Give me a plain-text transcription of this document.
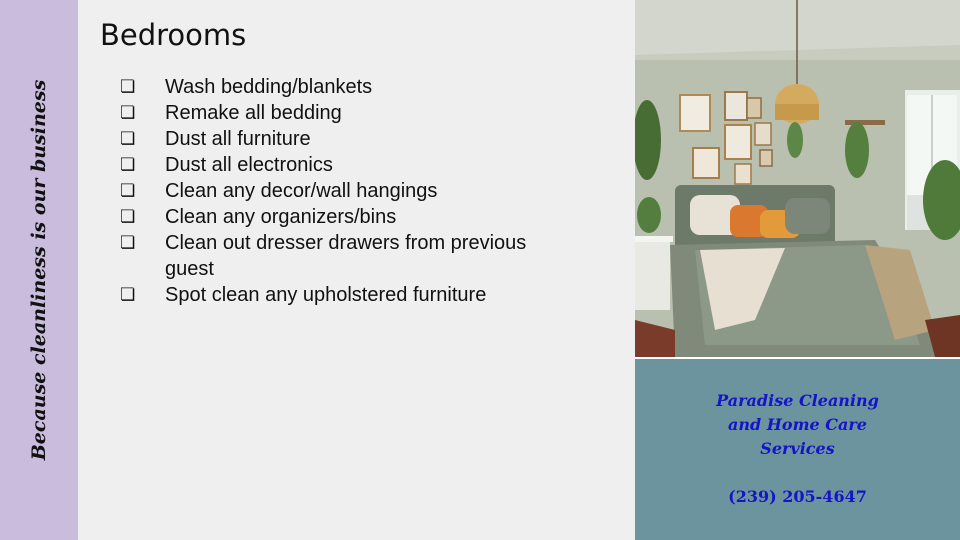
Because cleanliness is our business
Bedrooms
❏	Wash bedding/blankets
❏	Remake all bedding
❏	Dust all furniture
❏	Dust all electronics
❏	Clean any decor/wall hangings
❏	Clean any organizers/bins
❏	Clean out dresser drawers from previous guest
❏	Spot clean any upholstered furniture
Paradise Cleaning
and Home Care
Services
(239) 205-4647
